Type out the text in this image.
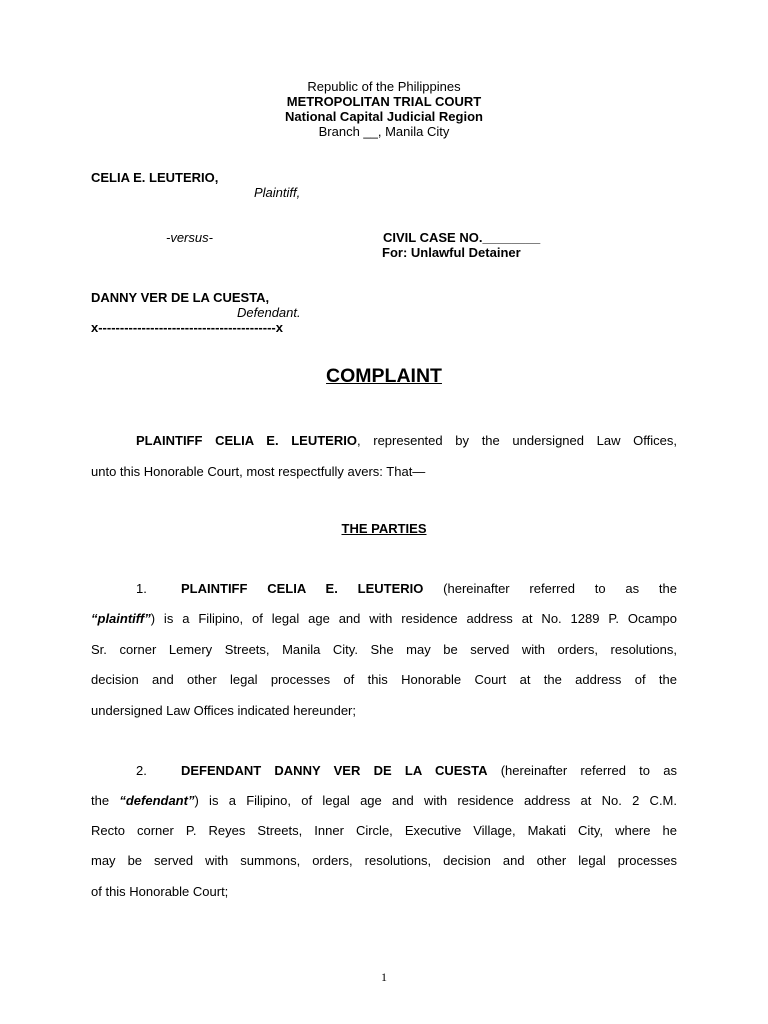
Republic of the Philippines
METROPOLITAN TRIAL COURT
National Capital Judicial Region
Branch __, Manila City
CELIA E. LEUTERIO,
Plaintiff,
-versus-	CIVIL CASE NO.________
For: Unlawful Detainer
DANNY VER DE LA CUESTA,
Defendant.
x-----------------------------------------x
COMPLAINT
PLAINTIFF CELIA E. LEUTERIO, represented by the undersigned Law Offices,
unto this Honorable Court, most respectfully avers: That—
THE PARTIES
1.	PLAINTIFF CELIA E. LEUTERIO (hereinafter referred to as the
“plaintiff”) is a Filipino, of legal age and with residence address at No. 1289 P. Ocampo
Sr. corner Lemery Streets, Manila City. She may be served with orders, resolutions,
decision and other legal processes of this Honorable Court at the address of the
undersigned Law Offices indicated hereunder;
2.	DEFENDANT DANNY VER DE LA CUESTA (hereinafter referred to as
the “defendant”) is a Filipino, of legal age and with residence address at No. 2 C.M.
Recto corner P. Reyes Streets, Inner Circle, Executive Village, Makati City, where he
may be served with summons, orders, resolutions, decision and other legal processes
of this Honorable Court;
1
